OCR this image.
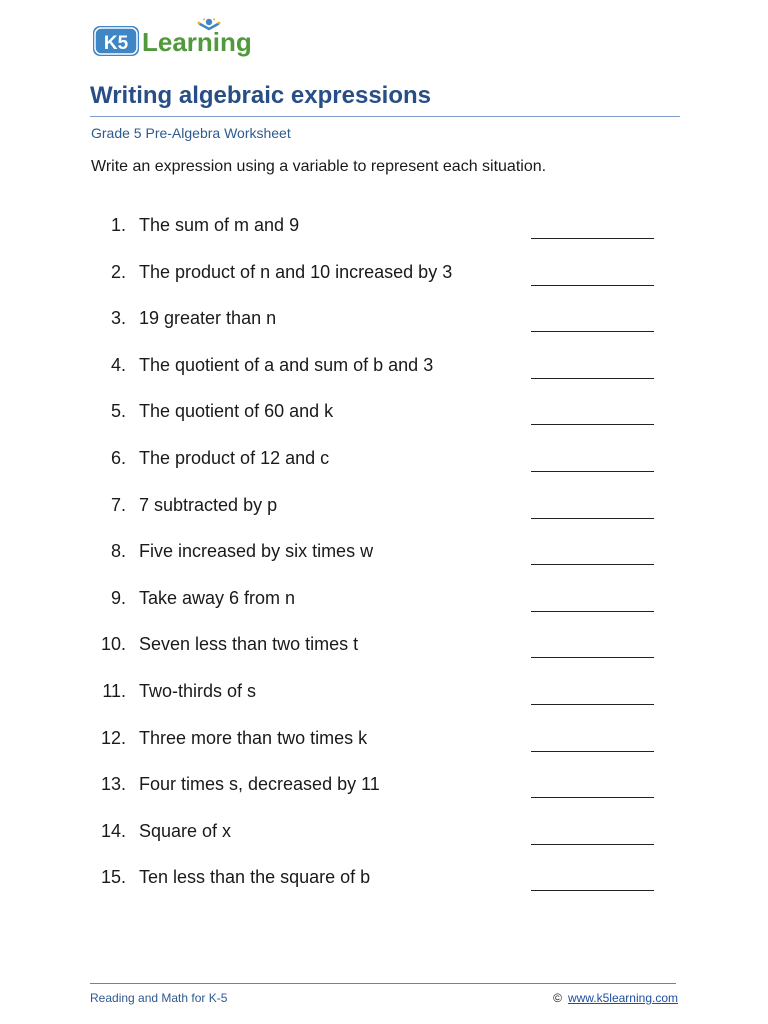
K5 Learning
Writing algebraic expressions
Grade 5 Pre-Algebra Worksheet
Write an expression using a variable to represent each situation.
1. The sum of m and 9
2. The product of n and 10 increased by 3
3. 19 greater than n
4. The quotient of a and sum of b and 3
5. The quotient of 60 and k
6. The product of 12 and c
7. 7 subtracted by p
8. Five increased by six times w
9. Take away 6 from n
10. Seven less than two times t
11. Two-thirds of s
12. Three more than two times k
13. Four times s, decreased by 11
14. Square of x
15. Ten less than the square of b
Reading and Math for K-5	© www.k5learning.com
